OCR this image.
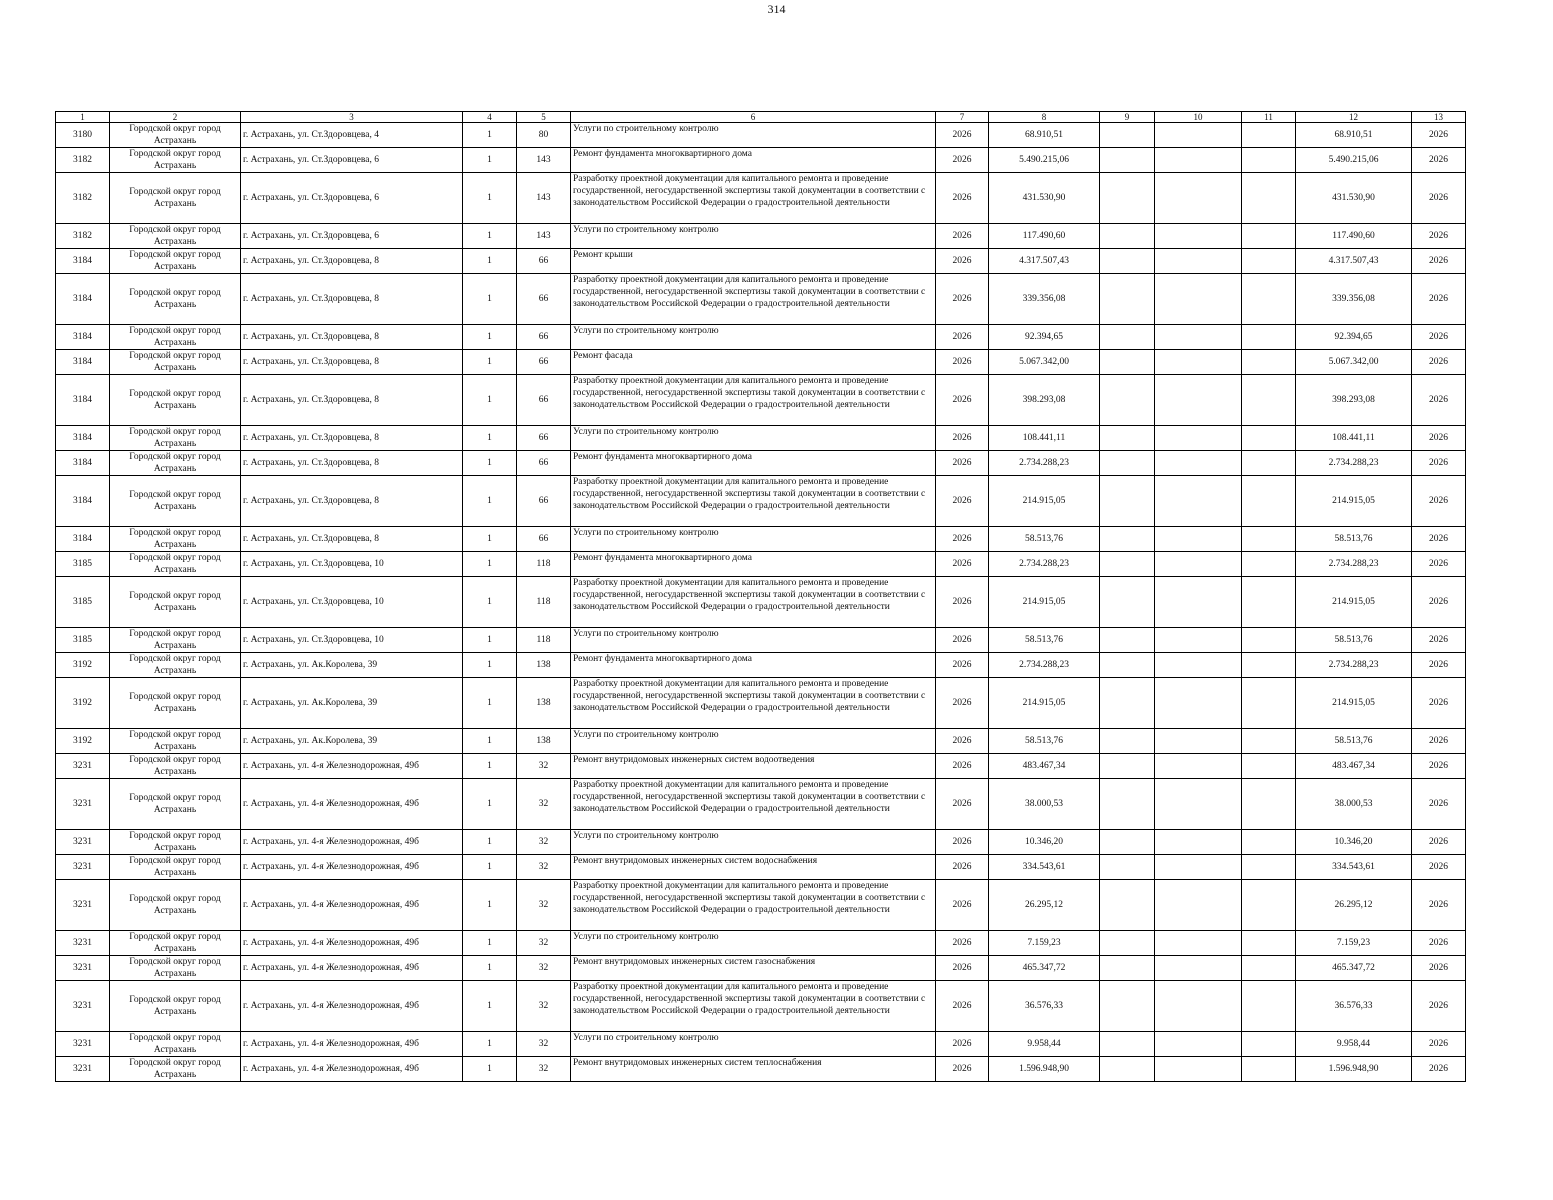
314
1	2	3	4	5	6	7	8	9	10	11	12	13
3180	Городской округ город Астрахань	г. Астрахань, ул. Ст.Здоровцева, 4	1	80	Услуги по строительному контролю	2026	68.910,51				68.910,51	2026
3182	Городской округ город Астрахань	г. Астрахань, ул. Ст.Здоровцева, 6	1	143	Ремонт фундамента многоквартирного дома	2026	5.490.215,06				5.490.215,06	2026
3182	Городской округ город Астрахань	г. Астрахань, ул. Ст.Здоровцева, 6	1	143	Разработку проектной документации для капитального ремонта и проведение государственной, негосударственной экспертизы такой документации в соответствии с законодательством Российской Федерации о градостроительной деятельности	2026	431.530,90				431.530,90	2026
3182	Городской округ город Астрахань	г. Астрахань, ул. Ст.Здоровцева, 6	1	143	Услуги по строительному контролю	2026	117.490,60				117.490,60	2026
3184	Городской округ город Астрахань	г. Астрахань, ул. Ст.Здоровцева, 8	1	66	Ремонт крыши	2026	4.317.507,43				4.317.507,43	2026
3184	Городской округ город Астрахань	г. Астрахань, ул. Ст.Здоровцева, 8	1	66	Разработку проектной документации для капитального ремонта и проведение государственной, негосударственной экспертизы такой документации в соответствии с законодательством Российской Федерации о градостроительной деятельности	2026	339.356,08				339.356,08	2026
3184	Городской округ город Астрахань	г. Астрахань, ул. Ст.Здоровцева, 8	1	66	Услуги по строительному контролю	2026	92.394,65				92.394,65	2026
3184	Городской округ город Астрахань	г. Астрахань, ул. Ст.Здоровцева, 8	1	66	Ремонт фасада	2026	5.067.342,00				5.067.342,00	2026
3184	Городской округ город Астрахань	г. Астрахань, ул. Ст.Здоровцева, 8	1	66	Разработку проектной документации для капитального ремонта и проведение государственной, негосударственной экспертизы такой документации в соответствии с законодательством Российской Федерации о градостроительной деятельности	2026	398.293,08				398.293,08	2026
3184	Городской округ город Астрахань	г. Астрахань, ул. Ст.Здоровцева, 8	1	66	Услуги по строительному контролю	2026	108.441,11				108.441,11	2026
3184	Городской округ город Астрахань	г. Астрахань, ул. Ст.Здоровцева, 8	1	66	Ремонт фундамента многоквартирного дома	2026	2.734.288,23				2.734.288,23	2026
3184	Городской округ город Астрахань	г. Астрахань, ул. Ст.Здоровцева, 8	1	66	Разработку проектной документации для капитального ремонта и проведение государственной, негосударственной экспертизы такой документации в соответствии с законодательством Российской Федерации о градостроительной деятельности	2026	214.915,05				214.915,05	2026
3184	Городской округ город Астрахань	г. Астрахань, ул. Ст.Здоровцева, 8	1	66	Услуги по строительному контролю	2026	58.513,76				58.513,76	2026
3185	Городской округ город Астрахань	г. Астрахань, ул. Ст.Здоровцева, 10	1	118	Ремонт фундамента многоквартирного дома	2026	2.734.288,23				2.734.288,23	2026
3185	Городской округ город Астрахань	г. Астрахань, ул. Ст.Здоровцева, 10	1	118	Разработку проектной документации для капитального ремонта и проведение государственной, негосударственной экспертизы такой документации в соответствии с законодательством Российской Федерации о градостроительной деятельности	2026	214.915,05				214.915,05	2026
3185	Городской округ город Астрахань	г. Астрахань, ул. Ст.Здоровцева, 10	1	118	Услуги по строительному контролю	2026	58.513,76				58.513,76	2026
3192	Городской округ город Астрахань	г. Астрахань, ул. Ак.Королева, 39	1	138	Ремонт фундамента многоквартирного дома	2026	2.734.288,23				2.734.288,23	2026
3192	Городской округ город Астрахань	г. Астрахань, ул. Ак.Королева, 39	1	138	Разработку проектной документации для капитального ремонта и проведение государственной, негосударственной экспертизы такой документации в соответствии с законодательством Российской Федерации о градостроительной деятельности	2026	214.915,05				214.915,05	2026
3192	Городской округ город Астрахань	г. Астрахань, ул. Ак.Королева, 39	1	138	Услуги по строительному контролю	2026	58.513,76				58.513,76	2026
3231	Городской округ город Астрахань	г. Астрахань, ул. 4-я Железнодорожная, 49б	1	32	Ремонт внутридомовых инженерных систем водоотведения	2026	483.467,34				483.467,34	2026
3231	Городской округ город Астрахань	г. Астрахань, ул. 4-я Железнодорожная, 49б	1	32	Разработку проектной документации для капитального ремонта и проведение государственной, негосударственной экспертизы такой документации в соответствии с законодательством Российской Федерации о градостроительной деятельности	2026	38.000,53				38.000,53	2026
3231	Городской округ город Астрахань	г. Астрахань, ул. 4-я Железнодорожная, 49б	1	32	Услуги по строительному контролю	2026	10.346,20				10.346,20	2026
3231	Городской округ город Астрахань	г. Астрахань, ул. 4-я Железнодорожная, 49б	1	32	Ремонт внутридомовых инженерных систем водоснабжения	2026	334.543,61				334.543,61	2026
3231	Городской округ город Астрахань	г. Астрахань, ул. 4-я Железнодорожная, 49б	1	32	Разработку проектной документации для капитального ремонта и проведение государственной, негосударственной экспертизы такой документации в соответствии с законодательством Российской Федерации о градостроительной деятельности	2026	26.295,12				26.295,12	2026
3231	Городской округ город Астрахань	г. Астрахань, ул. 4-я Железнодорожная, 49б	1	32	Услуги по строительному контролю	2026	7.159,23				7.159,23	2026
3231	Городской округ город Астрахань	г. Астрахань, ул. 4-я Железнодорожная, 49б	1	32	Ремонт внутридомовых инженерных систем газоснабжения	2026	465.347,72				465.347,72	2026
3231	Городской округ город Астрахань	г. Астрахань, ул. 4-я Железнодорожная, 49б	1	32	Разработку проектной документации для капитального ремонта и проведение государственной, негосударственной экспертизы такой документации в соответствии с законодательством Российской Федерации о градостроительной деятельности	2026	36.576,33				36.576,33	2026
3231	Городской округ город Астрахань	г. Астрахань, ул. 4-я Железнодорожная, 49б	1	32	Услуги по строительному контролю	2026	9.958,44				9.958,44	2026
3231	Городской округ город Астрахань	г. Астрахань, ул. 4-я Железнодорожная, 49б	1	32	Ремонт внутридомовых инженерных систем теплоснабжения	2026	1.596.948,90				1.596.948,90	2026
